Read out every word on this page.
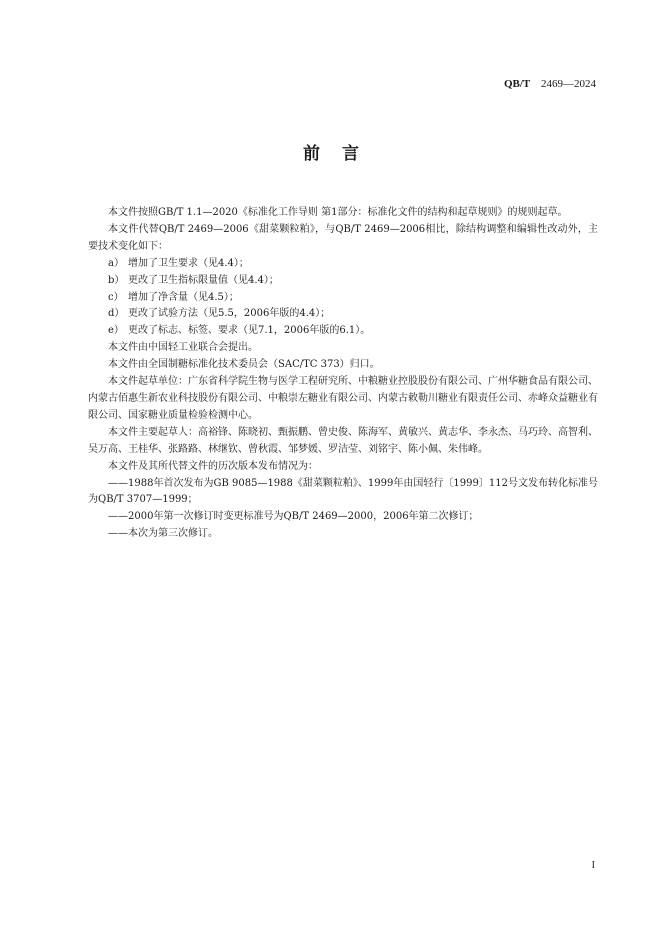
QB/T 2469—2024
前言

本文件按照GB/T 1.1—2020《标准化工作导则 第1部分：标准化文件的结构和起草规则》的规则起草。

本文件代替QB/T 2469—2006《甜菜颗粒粕》，与QB/T 2469—2006相比，除结构调整和编辑性改动外，主要技术变化如下：

a） 增加了卫生要求（见4.4）；

b） 更改了卫生指标限量值（见4.4）；

c） 增加了净含量（见4.5）；

d） 更改了试验方法（见5.5，2006年版的4.4）；

e） 更改了标志、标签、要求（见7.1，2006年版的6.1）。

本文件由中国轻工业联合会提出。

本文件由全国制糖标准化技术委员会（SAC/TC 373）归口。

本文件起草单位：广东省科学院生物与医学工程研究所、中粮糖业控股股份有限公司、广州华糖食品有限公司、内蒙古佰惠生新农业科技股份有限公司、中粮崇左糖业有限公司、内蒙古敕勒川糖业有限责任公司、赤峰众益糖业有限公司、国家糖业质量检验检测中心。

本文件主要起草人：高裕锋、陈晓初、甄振鹏、曾史俊、陈海军、黄敏兴、黄志华、李永杰、马巧玲、高智利、吴万高、王桂华、张路路、林继钦、曾秋霞、邹梦媛、罗洁莹、刘铭宇、陈小佩、朱伟峰。

本文件及其所代替文件的历次版本发布情况为：

——1988年首次发布为GB 9085—1988《甜菜颗粒粕》、1999年由国轻行〔1999〕112号文发布转化标准号为QB/T 3707—1999；

——2000年第一次修订时变更标准号为QB/T 2469—2000，2006年第二次修订；

——本次为第三次修订。

I
